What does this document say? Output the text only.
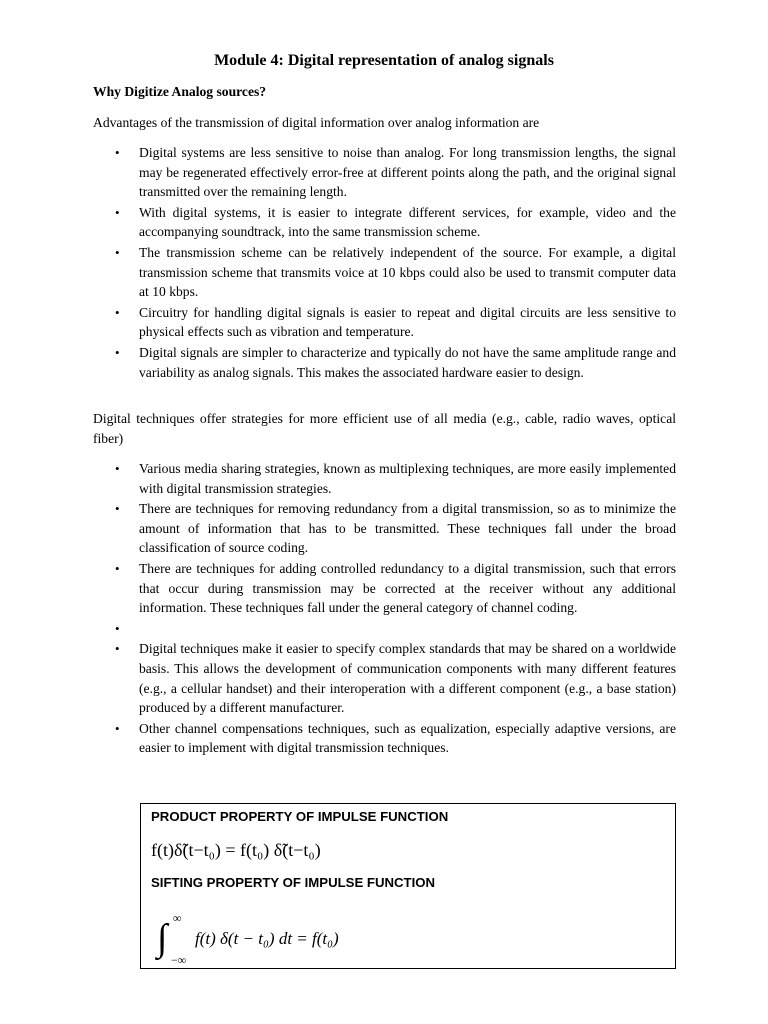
Module 4: Digital representation of analog signals

Why Digitize Analog sources?

Advantages of the transmission of digital information over analog information are

• Digital systems are less sensitive to noise than analog. For long transmission lengths, the signal may be regenerated effectively error-free at different points along the path, and the original signal transmitted over the remaining length.
• With digital systems, it is easier to integrate different services, for example, video and the accompanying soundtrack, into the same transmission scheme.
• The transmission scheme can be relatively independent of the source. For example, a digital transmission scheme that transmits voice at 10 kbps could also be used to transmit computer data at 10 kbps.
• Circuitry for handling digital signals is easier to repeat and digital circuits are less sensitive to physical effects such as vibration and temperature.
• Digital signals are simpler to characterize and typically do not have the same amplitude range and variability as analog signals. This makes the associated hardware easier to design.

Digital techniques offer strategies for more efficient use of all media (e.g., cable, radio waves, optical fiber)

• Various media sharing strategies, known as multiplexing techniques, are more easily implemented with digital transmission strategies.
• There are techniques for removing redundancy from a digital transmission, so as to minimize the amount of information that has to be transmitted. These techniques fall under the broad classification of source coding.
• There are techniques for adding controlled redundancy to a digital transmission, such that errors that occur during transmission may be corrected at the receiver without any additional information. These techniques fall under the general category of channel coding.
•
• Digital techniques make it easier to specify complex standards that may be shared on a worldwide basis. This allows the development of communication components with many different features (e.g., a cellular handset) and their interoperation with a different component (e.g., a base station) produced by a different manufacturer.
• Other channel compensations techniques, such as equalization, especially adaptive versions, are easier to implement with digital transmission techniques.

PRODUCT PROPERTY OF IMPULSE FUNCTION

f(t)δ̃(t−t₀) = f(t₀) δ̃(t−t₀)

SIFTING PROPERTY OF IMPULSE FUNCTION

∫ ∞
−∞
f(t) δ(t − t₀) dt = f(t₀)
